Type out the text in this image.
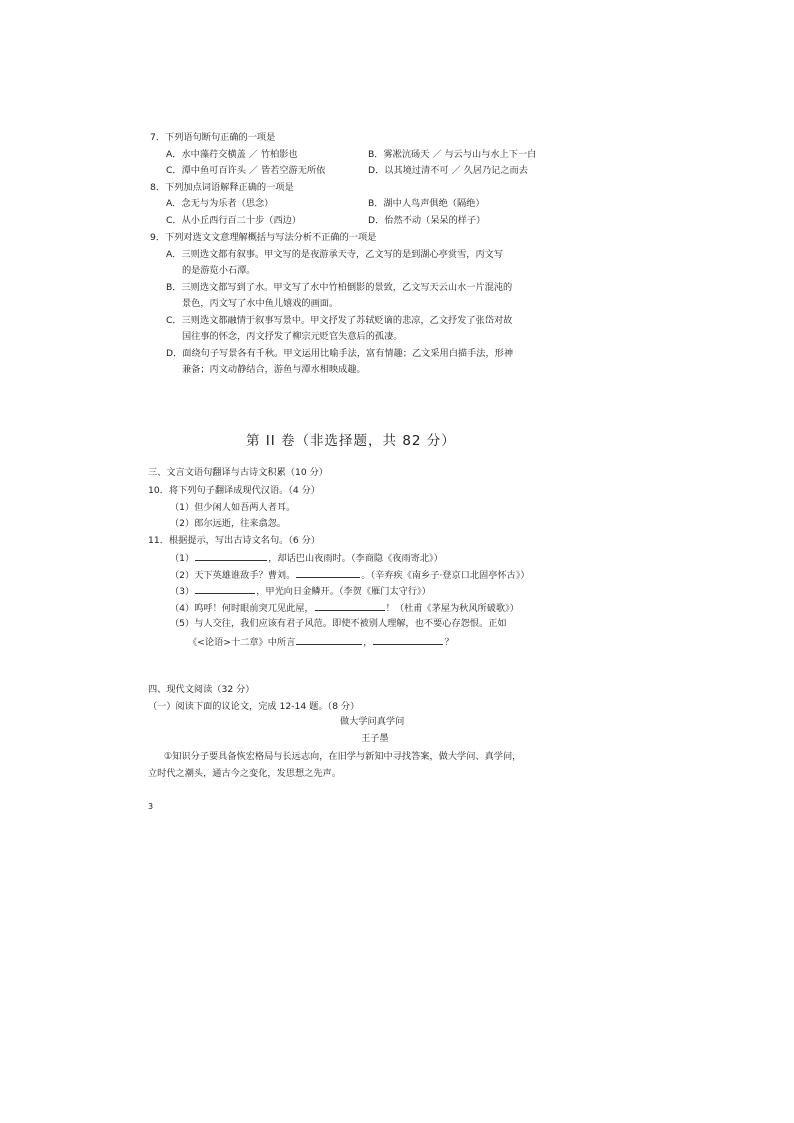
7．下列语句断句正确的一项是
A．水中藻荇交横盖 ／ 竹柏影也	B．雾凇沆砀天 ／ 与云与山与水上下一白
C．潭中鱼可百许头 ／ 皆若空游无所依	D．以其境过清不可 ／ 久居乃记之而去
8．下列加点词语解释正确的一项是
A．念无与为乐者（思念）	B．湖中人鸟声俱绝（隔绝）
C．从小丘西行百二十步（西边）	D．佁然不动（呆呆的样子）
9．下列对选文文意理解概括与写法分析不正确的一项是
A．三则选文都有叙事。甲文写的是夜游承天寺，乙文写的是到湖心亭赏雪，丙文写
的是游览小石潭。
B．三则选文都写到了水。甲文写了水中竹柏倒影的景致，乙文写天云山水一片混沌的
景色，丙文写了水中鱼儿嬉戏的画面。
C．三则选文都融情于叙事写景中。甲文抒发了苏轼贬谪的悲凉，乙文抒发了张岱对故
国往事的怀念，丙文抒发了柳宗元贬官失意后的孤凄。
D．面绕句子写景各有千秋。甲文运用比喻手法，富有情趣；乙文采用白描手法，形神
兼备；丙文动静结合，游鱼与潭水相映成趣。
第 II 卷（非选择题，共 82 分）
三、文言文语句翻译与古诗文积累（10 分）
10．将下列句子翻译成现代汉语。（4 分）
（1）但少闲人如吾两人者耳。
（2）郎尔远逝，往来翕忽。
11．根据提示，写出古诗文名句。（6 分）
（1）	，却话巴山夜雨时。（李商隐《夜雨寄北》）
（2）天下英雄谁敌手？曹刘。	。（辛弃疾《南乡子·登京口北固亭怀古》）
（3）	，甲光向日金鳞开。（李贺《雁门太守行》）
（4）呜呼！何时眼前突兀见此屋，	！（杜甫《茅屋为秋风所破歌》）
（5）与人交往，我们应该有君子风范。即使不被别人理解，也不要心存怨恨。正如
《<论语>十二章》中所言	，	？
四、现代文阅读（32 分）
（一）阅读下面的议论文，完成 12-14 题。（8 分）
做大学问真学问
王子墨
①知识分子要具备恢宏格局与长远志向，在旧学与新知中寻找答案，做大学问、真学问，
立时代之潮头，通古今之变化，发思想之先声。
3
